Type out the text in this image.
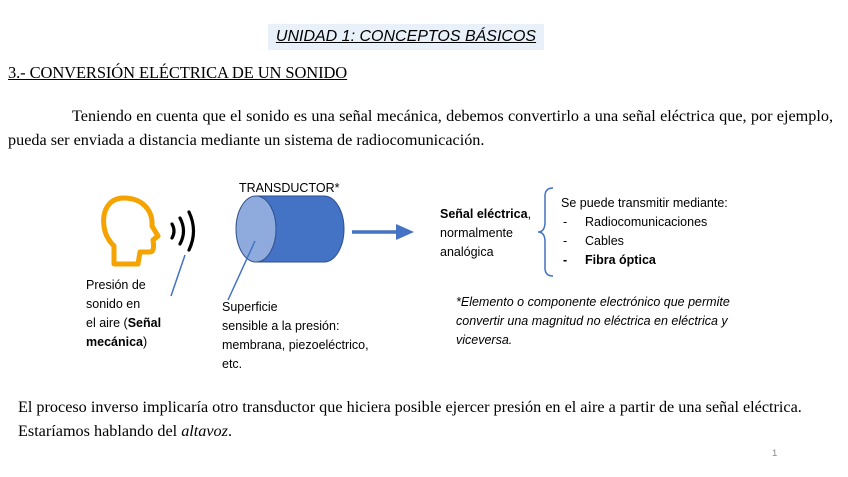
UNIDAD 1: CONCEPTOS BÁSICOS
3.- CONVERSIÓN ELÉCTRICA DE UN SONIDO
Teniendo en cuenta que el sonido es una señal mecánica, debemos convertirlo a una señal eléctrica que, por ejemplo, pueda ser enviada a distancia mediante un sistema de radiocomunicación.
TRANSDUCTOR*
Presión de
sonido en
el aire (Señal
mecánica)
Superficie
sensible a la presión:
membrana, piezoeléctrico,
etc.
Señal eléctrica,
normalmente
analógica
Se puede transmitir mediante:
- Radiocomunicaciones
- Cables
- Fibra óptica
*Elemento o componente electrónico que permite
convertir una magnitud no eléctrica en eléctrica y
viceversa.
El proceso inverso implicaría otro transductor que hiciera posible ejercer presión en el aire a partir de una señal eléctrica. Estaríamos hablando del altavoz.
1
